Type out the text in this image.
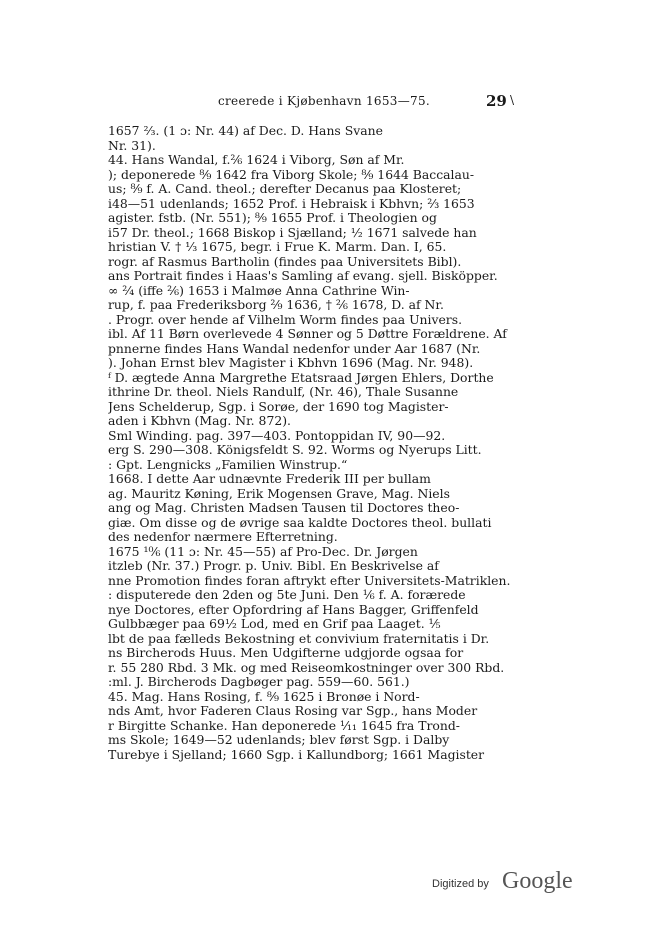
creerede i Kjøbenhavn 1653—75.	29 \
1657 ⅔. (1 ɔ: Nr. 44) af Dec. D. Hans Svane
Nr. 31).
44. Hans Wandal, f.²⁄₆ 1624 i Viborg, Søn af Mr.
); deponerede ⁸⁄₉ 1642 fra Viborg Skole; ⁸⁄₉ 1644 Baccalau-
us; ⁸⁄₉ f. A. Cand. theol.; derefter Decanus paa Klosteret;
i48—51 udenlands; 1652 Prof. i Hebraisk i Kbhvn; ²⁄₃ 1653
agister. fstb. (Nr. 551); ⁸⁄₉ 1655 Prof. i Theologien og
i57 Dr. theol.; 1668 Biskop i Sjælland; ½ 1671 salvede han
hristian V. † ⅓ 1675, begr. i Frue K. Marm. Dan. I, 65.
rogr. af Rasmus Bartholin (findes paa Universitets Bibl).
ans Portrait findes i Haas's Samling af evang. sjell. Bisköpper.
∞ ²⁄₄ (iffe ²⁄₆) 1653 i Malmøe Anna Cathrine Win-
rup, f. paa Frederiksborg ²⁄₉ 1636, † ²⁄₆ 1678, D. af Nr.
. Progr. over hende af Vilhelm Worm findes paa Univers.
ibl. Af 11 Børn overlevede 4 Sønner og 5 Døttre Forældrene. Af
pnnerne findes Hans Wandal nedenfor under Aar 1687 (Nr.
). Johan Ernst blev Magister i Kbhvn 1696 (Mag. Nr. 948).
ᶠ D. ægtede Anna Margrethe Etatsraad Jørgen Ehlers, Dorthe
ithrine Dr. theol. Niels Randulf, (Nr. 46), Thale Susanne
Jens Schelderup, Sgp. i Sorøe, der 1690 tog Magister-
aden i Kbhvn (Mag. Nr. 872).
Sml Winding. pag. 397—403. Pontoppidan IV, 90—92.
erg S. 290—308. Königsfeldt S. 92. Worms og Nyerups Litt.
: Gpt. Lengnicks „Familien Winstrup.“
1668. I dette Aar udnævnte Frederik III per bullam
ag. Mauritz Køning, Erik Mogensen Grave, Mag. Niels
ang og Mag. Christen Madsen Tausen til Doctores theo-
giæ. Om disse og de øvrige saa kaldte Doctores theol. bullati
des nedenfor nærmere Efterretning.
1675 ¹⁰⁄₆ (11 ɔ: Nr. 45—55) af Pro-Dec. Dr. Jørgen
itzleb (Nr. 37.) Progr. p. Univ. Bibl. En Beskrivelse af
nne Promotion findes foran aftrykt efter Universitets-Matriklen.
: disputerede den 2den og 5te Juni. Den ¹⁄₆ f. A. forærede
nye Doctores, efter Opfordring af Hans Bagger, Griffenfeld
Gulbbæger paa 69½ Lod, med en Grif paa Laaget. ¹⁄₅
lbt de paa fælleds Bekostning et convivium fraternitatis i Dr.
ns Bircherods Huus. Men Udgifterne udgjorde ogsaa for
r. 55 280 Rbd. 3 Mk. og med Reiseomkostninger over 300 Rbd.
:ml. J. Bircherods Dagbøger pag. 559—60. 561.)
45. Mag. Hans Rosing, f. ⁸⁄₉ 1625 i Bronøe i Nord-
nds Amt, hvor Faderen Claus Rosing var Sgp., hans Moder
r Birgitte Schanke. Han deponerede ¹⁄₁₁ 1645 fra Trond-
ms Skole; 1649—52 udenlands; blev først Sgp. i Dalby
Turebye i Sjelland; 1660 Sgp. i Kallundborg; 1661 Magister
Digitized by Google
